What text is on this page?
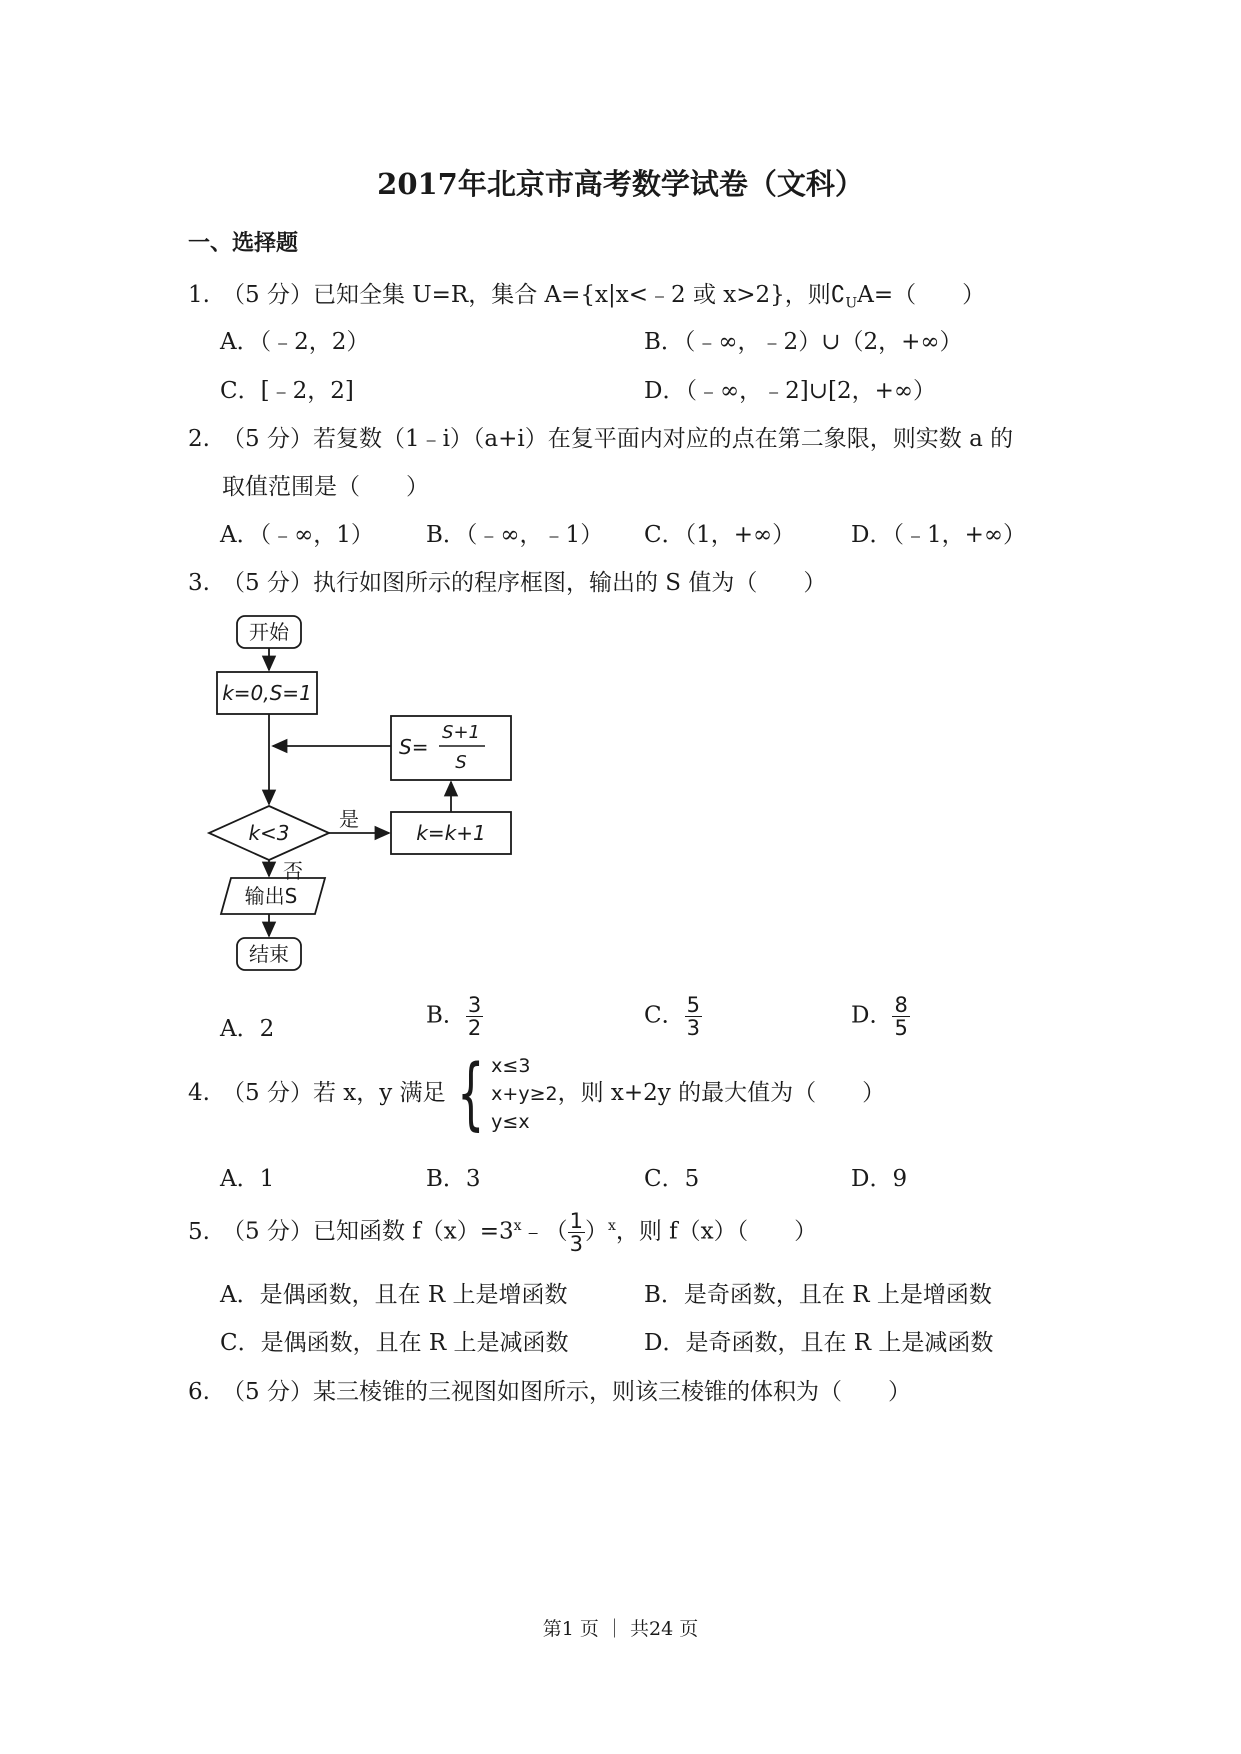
2017年北京市高考数学试卷（文科）
一、选择题
1. （5 分）已知全集 U=R，集合 A={x|x<﹣2 或 x>2}，则$∁_UA=$（　　）
A．（﹣2，2）	B．（﹣∞，﹣2）∪（2，+∞）
C．[﹣2，2]	D．（﹣∞，﹣2]∪[2，+∞）
2. （5 分）若复数（1﹣i）（a+i）在复平面内对应的点在第二象限，则实数 a 的
取值范围是（　　）
A．（﹣∞，1） B．（﹣∞，﹣1） C．（1，+∞） D．（﹣1，+∞）
3. （5 分）执行如图所示的程序框图，输出的 S 值为（　　）
开始
k=0,S=1
S=
S+1
S
k<3
是
k=k+1
否
输出S
结束
A．2
B． $\frac{3}{2}$	C． $\frac{5}{3}$	D． $\frac{8}{5}$
4. （5 分）若 x，y 满足 { x≤3
x+y≥2
y≤x
，则 x+2y 的最大值为（　　）
A．1	B．3	C．5	D．9
5. （5 分）已知函数 $f(x)=3^x﹣( \frac{1}{3} )^x$，则 f（x）（　　）
A．是偶函数，且在 R 上是增函数	B．是奇函数，且在 R 上是增函数
C．是偶函数，且在 R 上是减函数	D．是奇函数，且在 R 上是减函数
6. （5 分）某三棱锥的三视图如图所示，则该三棱锥的体积为（　　）
第1 页 ｜ 共24 页
